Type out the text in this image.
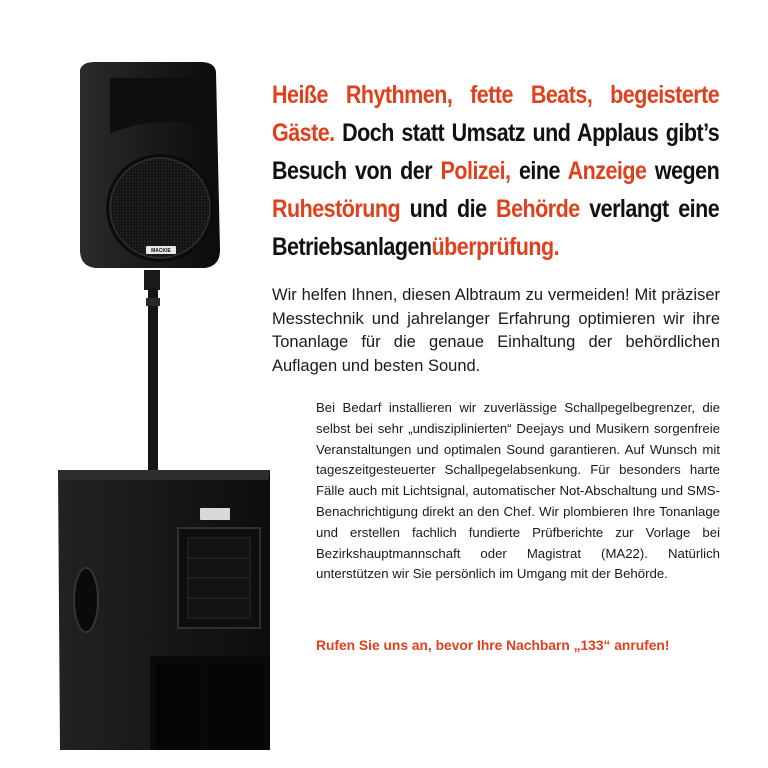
MACKIE
Heiße Rhythmen, fette Beats, begeisterte Gäste. Doch statt Umsatz und Applaus gibt’s Besuch von der Polizei, eine Anzeige wegen Ruhestörung und die Behörde verlangt eine Betriebsanlagenüberprüfung.

Wir helfen Ihnen, diesen Albtraum zu vermeiden! Mit präziser Messtechnik und jahrelanger Erfahrung optimieren wir ihre Tonanlage für die genaue Einhaltung der behördlichen Auflagen und besten Sound.

Bei Bedarf installieren wir zuverlässige Schallpegelbegrenzer, die selbst bei sehr „undisziplinierten“ Deejays und Musikern sorgenfreie Veranstaltungen und optimalen Sound garantieren. Auf Wunsch mit tageszeitgesteuerter Schallpegelabsenkung. Für besonders harte Fälle auch mit Lichtsignal, automatischer Not-Abschaltung und SMS-Benachrichtigung direkt an den Chef. Wir plombieren Ihre Tonanlage und erstellen fachlich fundierte Prüfberichte zur Vorlage bei Bezirkshauptmannschaft oder Magistrat (MA22). Natürlich unterstützen wir Sie persönlich im Umgang mit der Behörde.

Rufen Sie uns an, bevor Ihre Nachbarn „133“ anrufen!
